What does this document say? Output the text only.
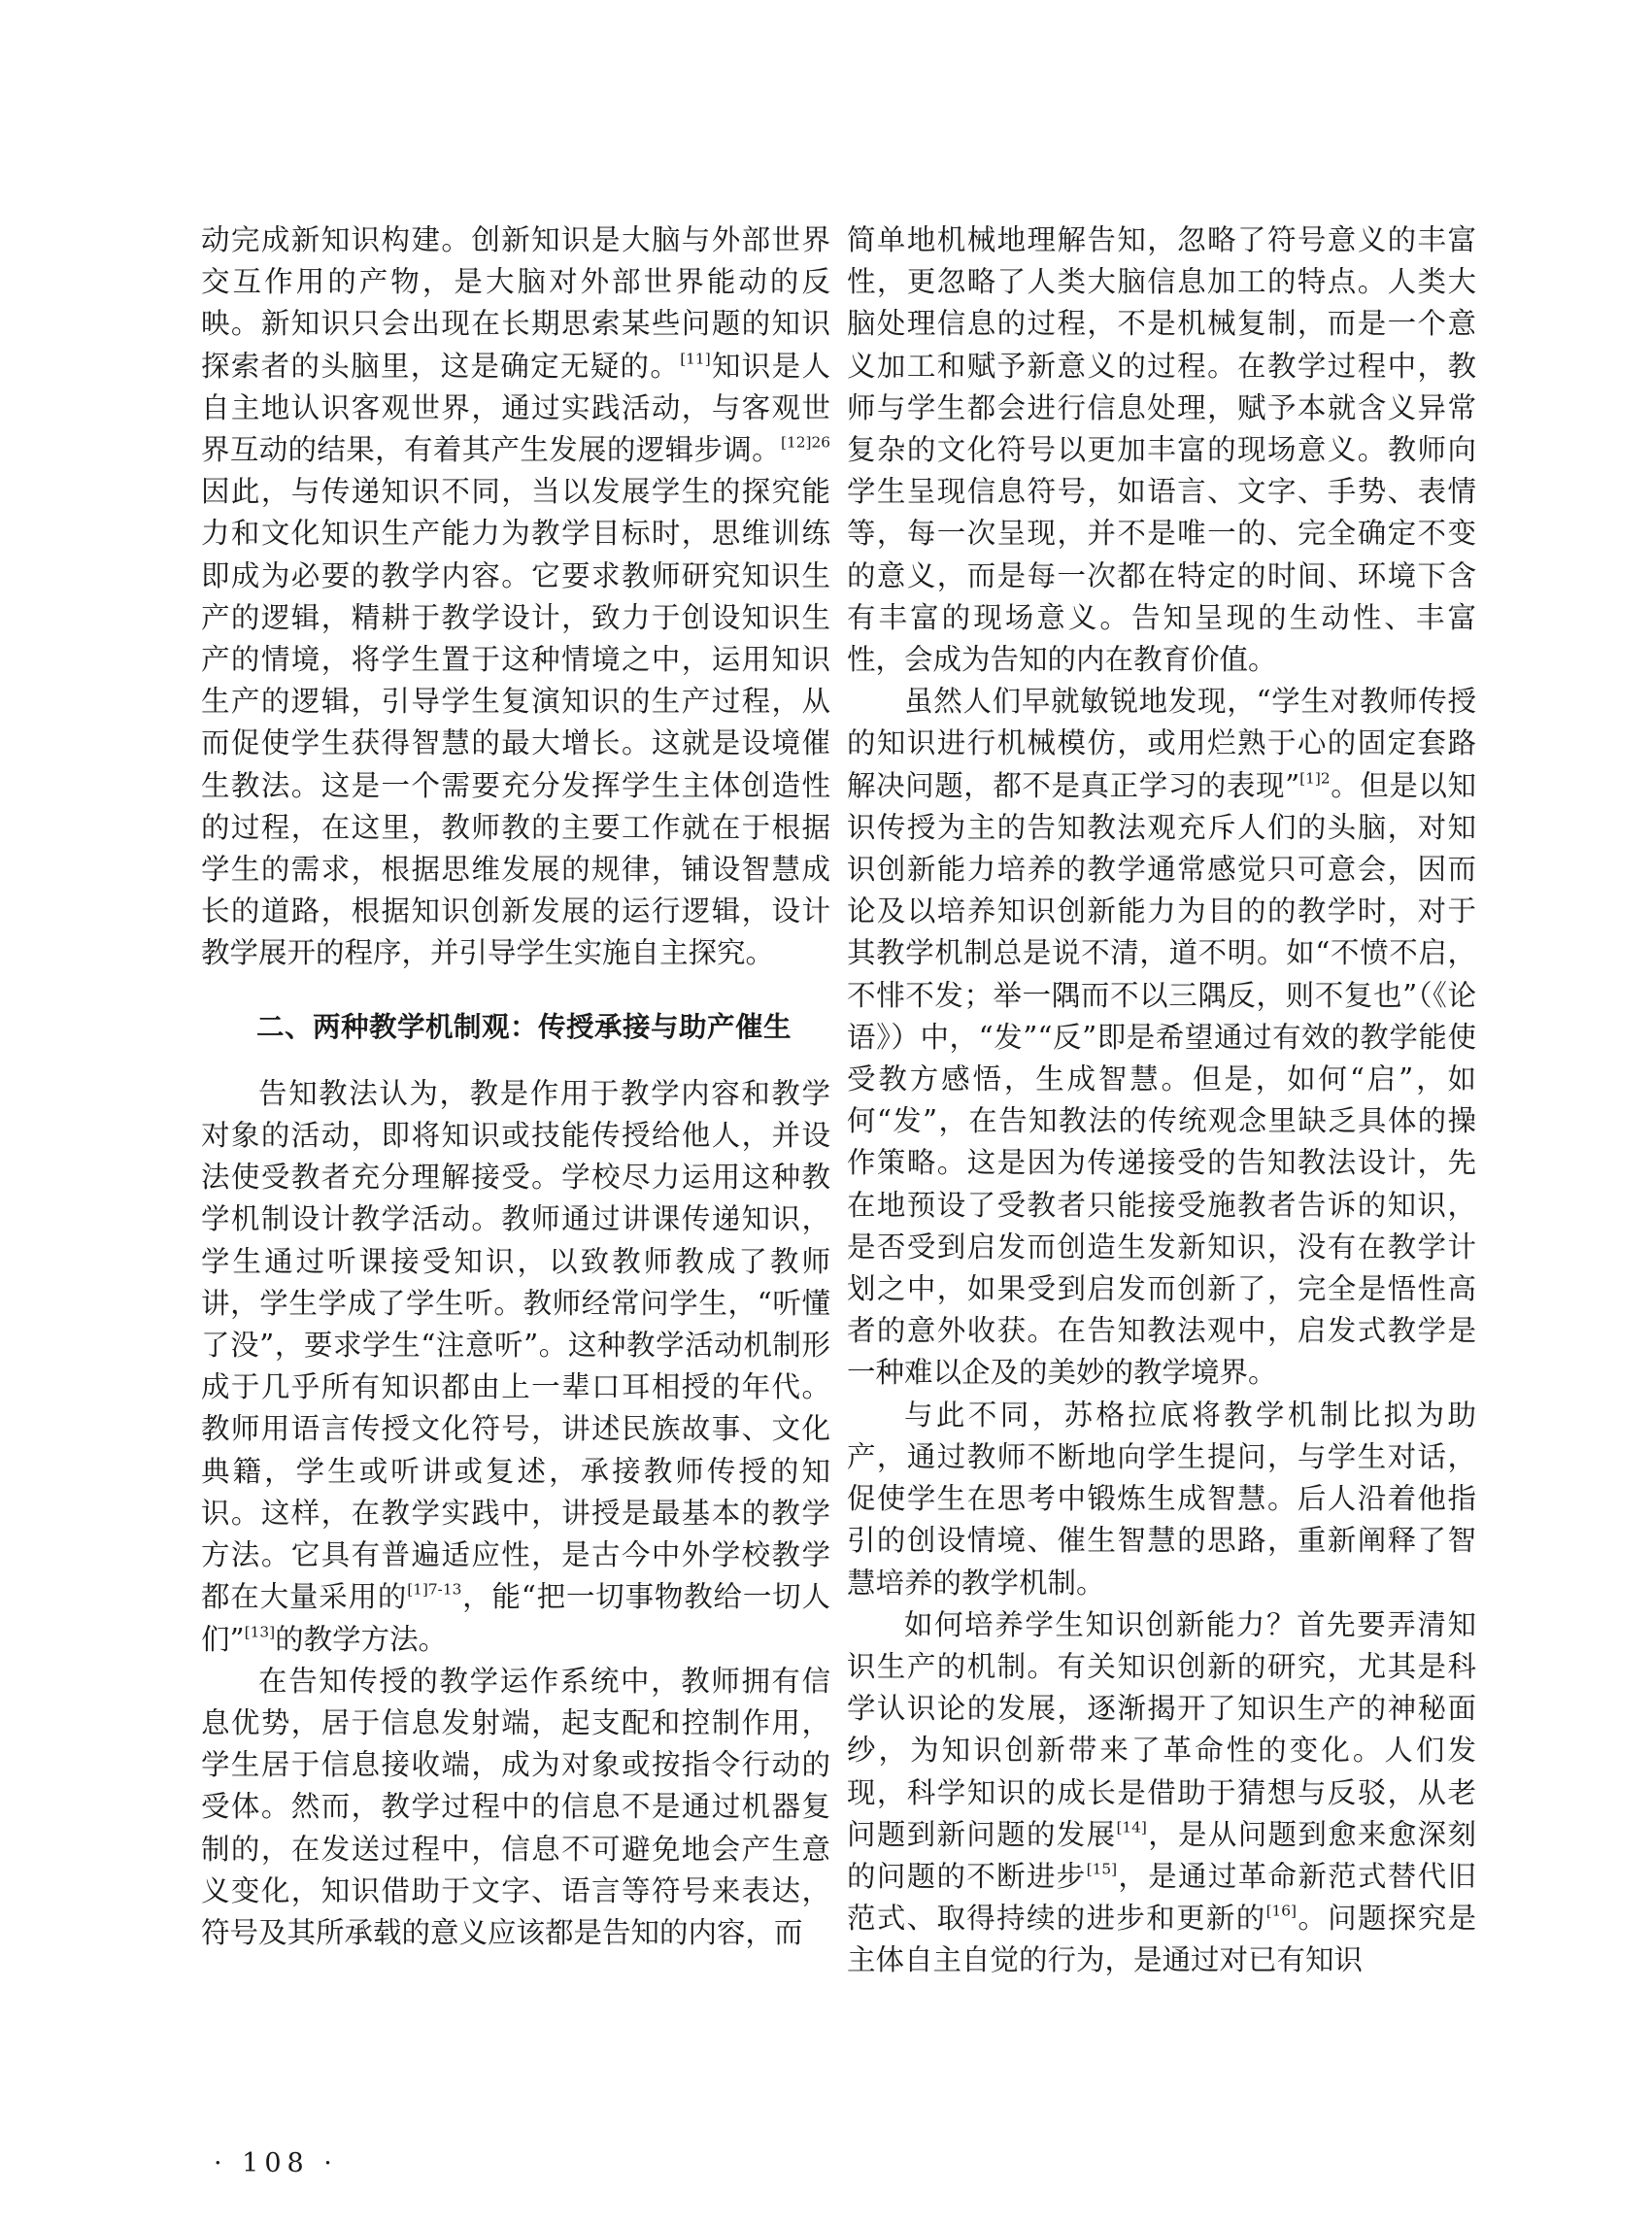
动完成新知识构建。创新知识是大脑与外部世界交互作用的产物，是大脑对外部世界能动的反映。新知识只会出现在长期思索某些问题的知识探索者的头脑里，这是确定无疑的。[11]知识是人自主地认识客观世界，通过实践活动，与客观世界互动的结果，有着其产生发展的逻辑步调。$^{[12]26}$因此，与传递知识不同，当以发展学生的探究能力和文化知识生产能力为教学目标时，思维训练即成为必要的教学内容。它要求教师研究知识生产的逻辑，精耕于教学设计，致力于创设知识生产的情境，将学生置于这种情境之中，运用知识生产的逻辑，引导学生复演知识的生产过程，从而促使学生获得智慧的最大增长。这就是设境催生教法。这是一个需要充分发挥学生主体创造性的过程，在这里，教师教的主要工作就在于根据学生的需求，根据思维发展的规律，铺设智慧成长的道路，根据知识创新发展的运行逻辑，设计教学展开的程序，并引导学生实施自主探究。

二、两种教学机制观：传授承接与助产催生

告知教法认为，教是作用于教学内容和教学对象的活动，即将知识或技能传授给他人，并设法使受教者充分理解接受。学校尽力运用这种教学机制设计教学活动。教师通过讲课传递知识，学生通过听课接受知识，以致教师教成了教师讲，学生学成了学生听。教师经常问学生，“听懂了没”，要求学生“注意听”。这种教学活动机制形成于几乎所有知识都由上一辈口耳相授的年代。教师用语言传授文化符号，讲述民族故事、文化典籍，学生或听讲或复述，承接教师传授的知识。这样，在教学实践中，讲授是最基本的教学方法。它具有普遍适应性，是古今中外学校教学都在大量采用的$^{[1]7-13}$，能“把一切事物教给一切人们”[13]的教学方法。

在告知传授的教学运作系统中，教师拥有信息优势，居于信息发射端，起支配和控制作用，学生居于信息接收端，成为对象或按指令行动的受体。然而，教学过程中的信息不是通过机器复制的，在发送过程中，信息不可避免地会产生意义变化，知识借助于文字、语言等符号来表达，符号及其所承载的意义应该都是告知的内容，而

简单地机械地理解告知，忽略了符号意义的丰富性，更忽略了人类大脑信息加工的特点。人类大脑处理信息的过程，不是机械复制，而是一个意义加工和赋予新意义的过程。在教学过程中，教师与学生都会进行信息处理，赋予本就含义异常复杂的文化符号以更加丰富的现场意义。教师向学生呈现信息符号，如语言、文字、手势、表情等，每一次呈现，并不是唯一的、完全确定不变的意义，而是每一次都在特定的时间、环境下含有丰富的现场意义。告知呈现的生动性、丰富性，会成为告知的内在教育价值。

虽然人们早就敏锐地发现，“学生对教师传授的知识进行机械模仿，或用烂熟于心的固定套路解决问题，都不是真正学习的表现”$^{[1]2}$。但是以知识传授为主的告知教法观充斥人们的头脑，对知识创新能力培养的教学通常感觉只可意会，因而论及以培养知识创新能力为目的的教学时，对于其教学机制总是说不清，道不明。如“不愤不启，不悱不发；举一隅而不以三隅反，则不复也”（《论语》）中，“发”“反”即是希望通过有效的教学能使受教方感悟，生成智慧。但是，如何“启”，如何“发”，在告知教法的传统观念里缺乏具体的操作策略。这是因为传递接受的告知教法设计，先在地预设了受教者只能接受施教者告诉的知识，是否受到启发而创造生发新知识，没有在教学计划之中，如果受到启发而创新了，完全是悟性高者的意外收获。在告知教法观中，启发式教学是一种难以企及的美妙的教学境界。

与此不同，苏格拉底将教学机制比拟为助产，通过教师不断地向学生提问，与学生对话，促使学生在思考中锻炼生成智慧。后人沿着他指引的创设情境、催生智慧的思路，重新阐释了智慧培养的教学机制。

如何培养学生知识创新能力？首先要弄清知识生产的机制。有关知识创新的研究，尤其是科学认识论的发展，逐渐揭开了知识生产的神秘面纱，为知识创新带来了革命性的变化。人们发现，科学知识的成长是借助于猜想与反驳，从老问题到新问题的发展[14]，是从问题到愈来愈深刻的问题的不断进步[15]，是通过革命新范式替代旧范式、取得持续的进步和更新的[16]。问题探究是主体自主自觉的行为，是通过对已有知识

· 108 ·
